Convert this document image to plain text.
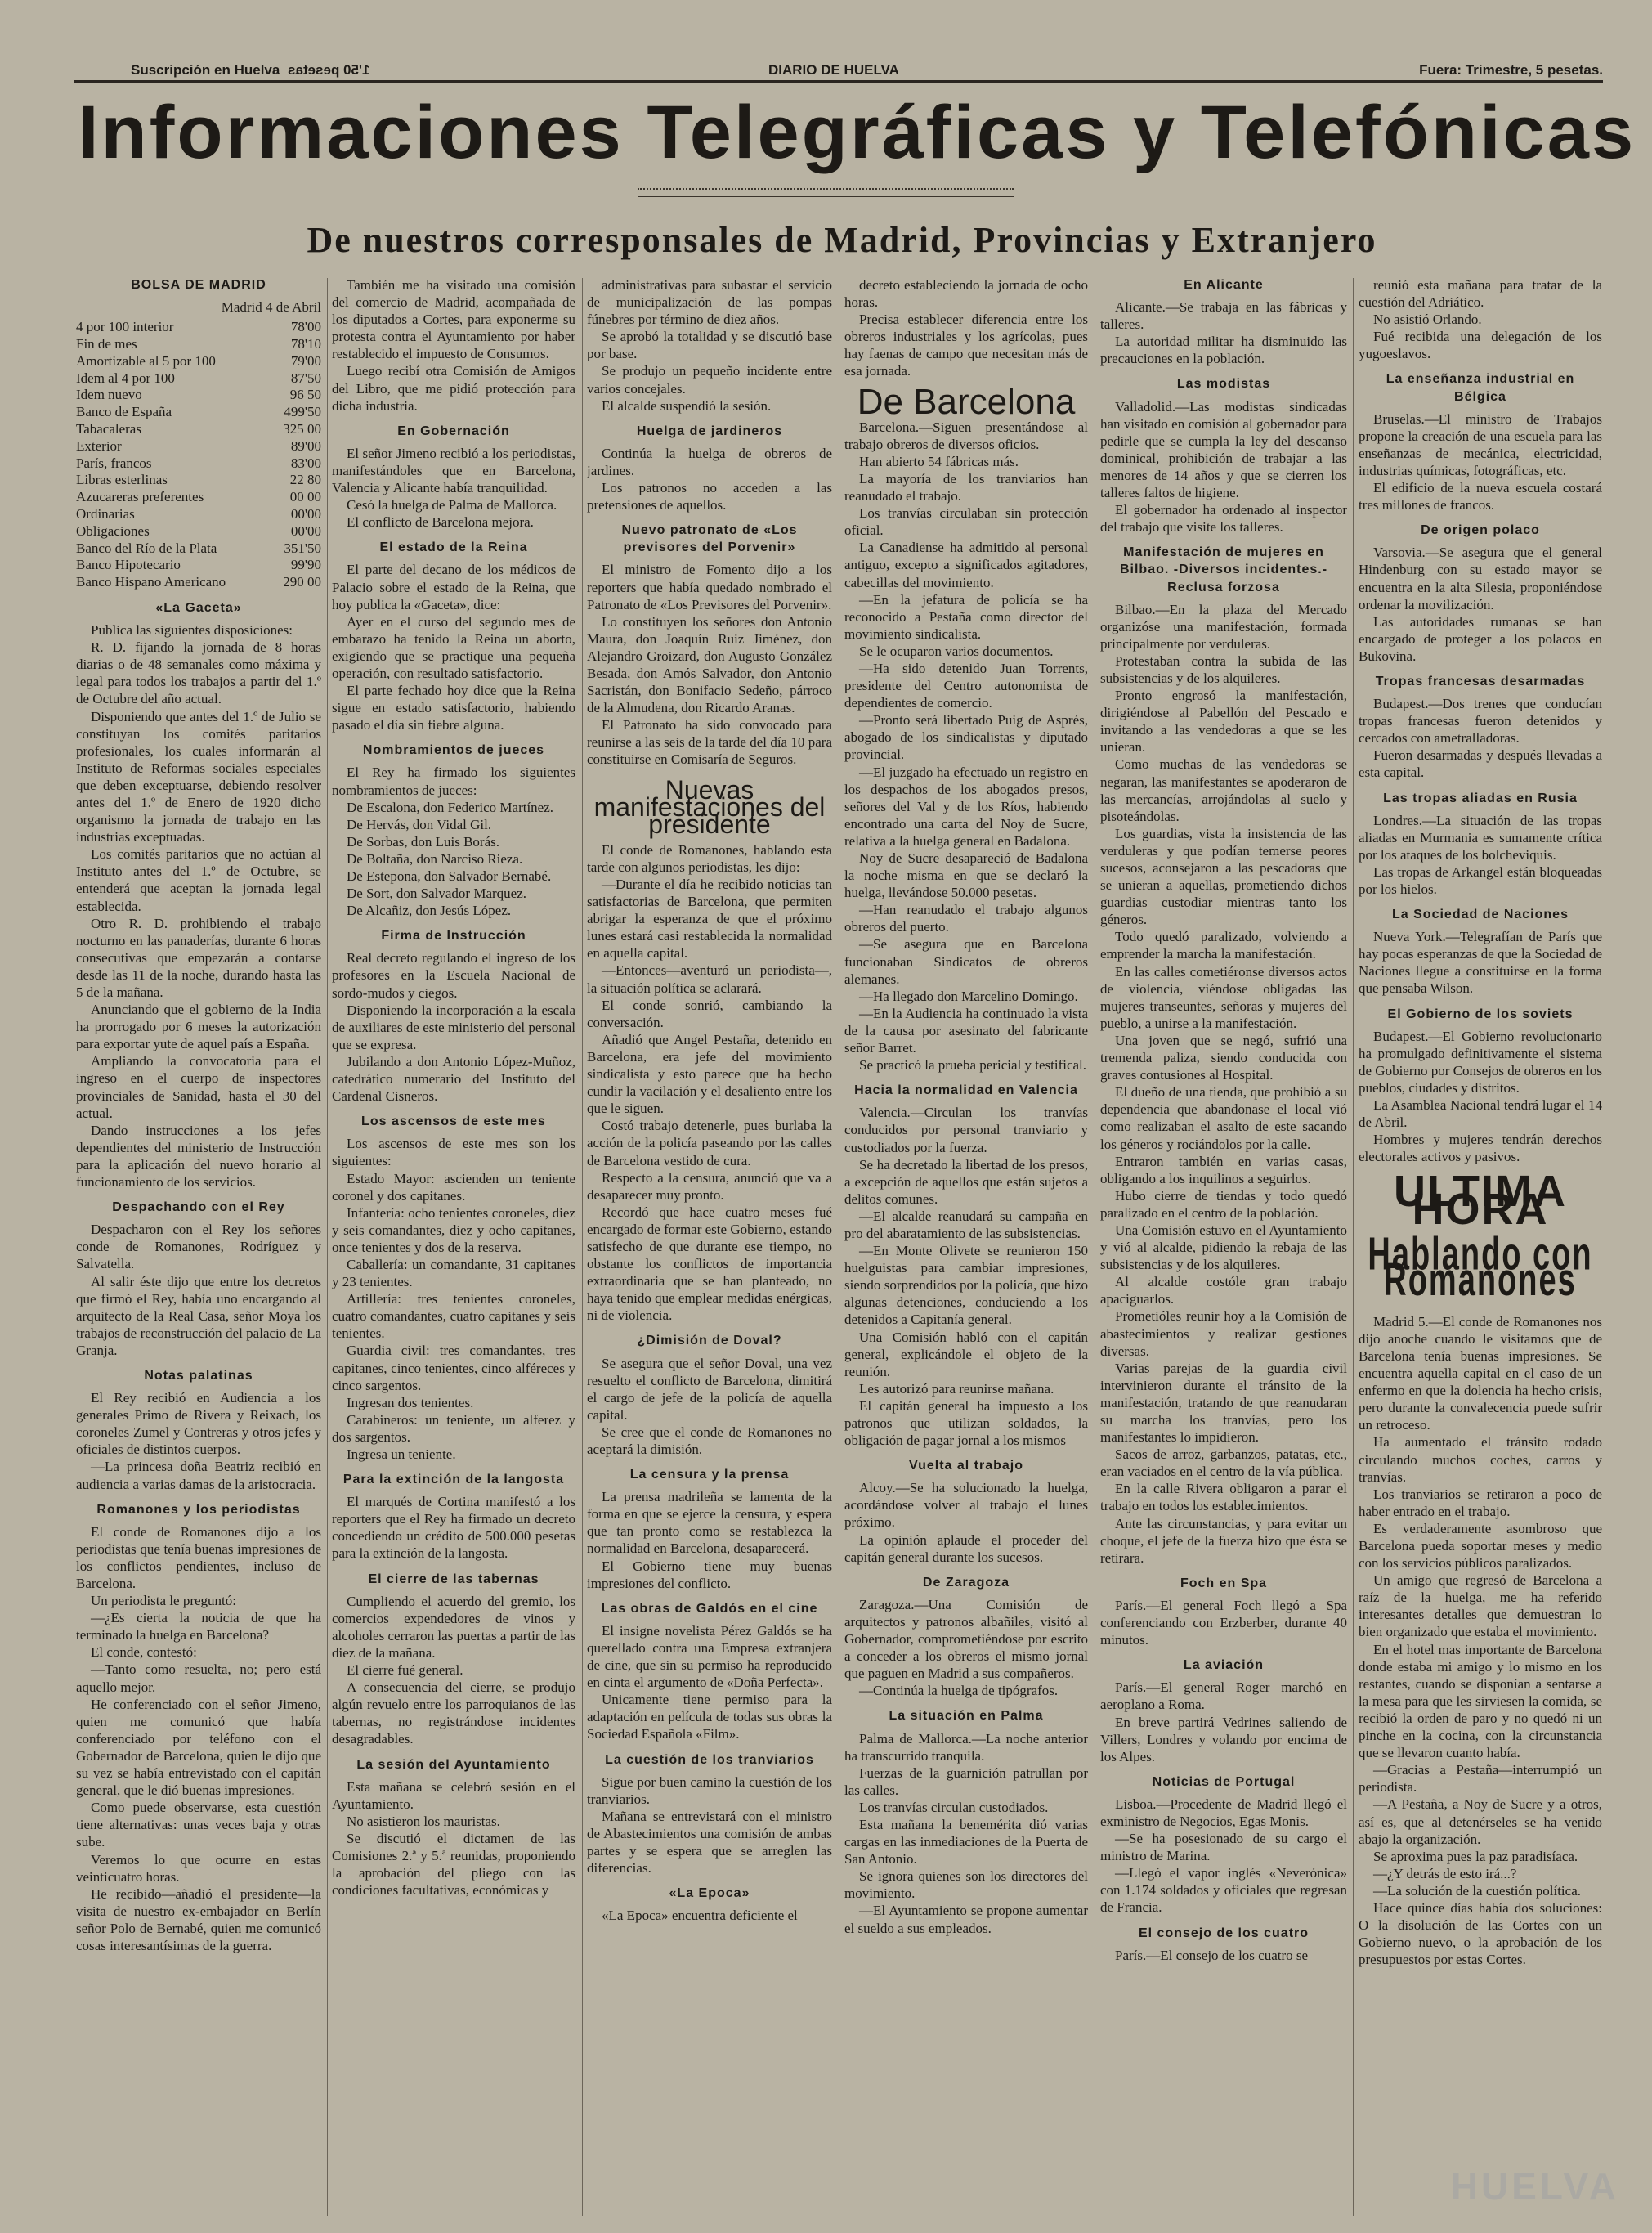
Suscripción en Huelva 1'50 pesetas	DIARIO DE HUELVA	Fuera: Trimestre, 5 pesetas.
Informaciones Telegráficas y Telefónicas
De nuestros corresponsales de Madrid, Provincias y Extranjero
BOLSA DE MADRID
Madrid 4 de Abril
4 por 100 interior	78'00
Fin de mes	78'10
Amortizable al 5 por 100	79'00
Idem al 4 por 100	87'50
Idem nuevo	96 50
Banco de España	499'50
Tabacaleras	325 00
Exterior	89'00
París, francos	83'00
Libras esterlinas	22 80
Azucareras preferentes	00 00
Ordinarias	00'00
Obligaciones	00'00
Banco del Río de la Plata	351'50
Banco Hipotecario	99'90
Banco Hispano Americano	290 00
«La Gaceta»

Publica las siguientes disposiciones:

R. D. fijando la jornada de 8 horas diarias o de 48 semanales como máxima y legal para todos los trabajos a partir del 1.º de Octubre del año actual.

Disponiendo que antes del 1.º de Julio se constituyan los comités paritarios profesionales, los cuales informarán al Instituto de Reformas sociales especiales que deben exceptuarse, debiendo resolver antes del 1.º de Enero de 1920 dicho organismo la jornada de trabajo en las industrias exceptuadas.

Los comités paritarios que no actúan al Instituto antes del 1.º de Octubre, se entenderá que aceptan la jornada legal establecida.

Otro R. D. prohibiendo el trabajo nocturno en las panaderías, durante 6 horas consecutivas que empezarán a contarse desde las 11 de la noche, durando hasta las 5 de la mañana.

Anunciando que el gobierno de la India ha prorrogado por 6 meses la autorización para exportar yute de aquel país a España.

Ampliando la convocatoria para el ingreso en el cuerpo de inspectores provinciales de Sanidad, hasta el 30 del actual.

Dando instrucciones a los jefes dependientes del ministerio de Instrucción para la aplicación del nuevo horario al funcionamiento de los servicios.

Despachando con el Rey

Despacharon con el Rey los señores conde de Romanones, Rodríguez y Salvatella.

Al salir éste dijo que entre los decretos que firmó el Rey, había uno encargando al arquitecto de la Real Casa, señor Moya los trabajos de reconstrucción del palacio de La Granja.

Notas palatinas

El Rey recibió en Audiencia a los generales Primo de Rivera y Reixach, los coroneles Zumel y Contreras y otros jefes y oficiales de distintos cuerpos.

—La princesa doña Beatriz recibió en audiencia a varias damas de la aristocracia.

Romanones y los periodistas

El conde de Romanones dijo a los periodistas que tenía buenas impresiones de los conflictos pendientes, incluso de Barcelona.

Un periodista le preguntó:

—¿Es cierta la noticia de que ha terminado la huelga en Barcelona?

El conde, contestó:

—Tanto como resuelta, no; pero está aquello mejor.

He conferenciado con el señor Jimeno, quien me comunicó que había conferenciado por teléfono con el Gobernador de Barcelona, quien le dijo que su vez se había entrevistado con el capitán general, que le dió buenas impresiones.

Como puede observarse, esta cuestión tiene alternativas: unas veces baja y otras sube.

Veremos lo que ocurre en estas veinticuatro horas.

He recibido—añadió el presidente—la visita de nuestro ex-embajador en Berlín señor Polo de Bernabé, quien me comunicó cosas interesantísimas de la guerra.

También me ha visitado una comisión del comercio de Madrid, acompañada de los diputados a Cortes, para exponerme su protesta contra el Ayuntamiento por haber restablecido el impuesto de Consumos.

Luego recibí otra Comisión de Amigos del Libro, que me pidió protección para dicha industria.

En Gobernación

El señor Jimeno recibió a los periodistas, manifestándoles que en Barcelona, Valencia y Alicante había tranquilidad.

Cesó la huelga de Palma de Mallorca.

El conflicto de Barcelona mejora.

El estado de la Reina

El parte del decano de los médicos de Palacio sobre el estado de la Reina, que hoy publica la «Gaceta», dice:

Ayer en el curso del segundo mes de embarazo ha tenido la Reina un aborto, exigiendo que se practique una pequeña operación, con resultado satisfactorio.

El parte fechado hoy dice que la Reina sigue en estado satisfactorio, habiendo pasado el día sin fiebre alguna.

Nombramientos de jueces

El Rey ha firmado los siguientes nombramientos de jueces:

De Escalona, don Federico Martínez.

De Hervás, don Vidal Gil.

De Sorbas, don Luis Borás.

De Boltaña, don Narciso Rieza.

De Estepona, don Salvador Bernabé.

De Sort, don Salvador Marquez.

De Alcañiz, don Jesús López.

Firma de Instrucción

Real decreto regulando el ingreso de los profesores en la Escuela Nacional de sordo-mudos y ciegos.

Disponiendo la incorporación a la escala de auxiliares de este ministerio del personal que se expresa.

Jubilando a don Antonio López-Muñoz, catedrático numerario del Instituto del Cardenal Cisneros.

Los ascensos de este mes

Los ascensos de este mes son los siguientes:

Estado Mayor: ascienden un teniente coronel y dos capitanes.

Infantería: ocho tenientes coroneles, diez y seis comandantes, diez y ocho capitanes, once tenientes y dos de la reserva.

Caballería: un comandante, 31 capitanes y 23 tenientes.

Artillería: tres tenientes coroneles, cuatro comandantes, cuatro capitanes y seis tenientes.

Guardia civil: tres comandantes, tres capitanes, cinco tenientes, cinco alféreces y cinco sargentos.

Ingresan dos tenientes.

Carabineros: un teniente, un alferez y dos sargentos.

Ingresa un teniente.

Para la extinción de la langosta

El marqués de Cortina manifestó a los reporters que el Rey ha firmado un decreto concediendo un crédito de 500.000 pesetas para la extinción de la langosta.

El cierre de las tabernas

Cumpliendo el acuerdo del gremio, los comercios expendedores de vinos y alcoholes cerraron las puertas a partir de las diez de la mañana.

El cierre fué general.

A consecuencia del cierre, se produjo algún revuelo entre los parroquianos de las tabernas, no registrándose incidentes desagradables.

La sesión del Ayuntamiento

Esta mañana se celebró sesión en el Ayuntamiento.

No asistieron los mauristas.

Se discutió el dictamen de las Comisiones 2.ª y 5.ª reunidas, proponiendo la aprobación del pliego con las condiciones facultativas, económicas y

administrativas para subastar el servicio de municipalización de las pompas fúnebres por término de diez años.

Se aprobó la totalidad y se discutió base por base.

Se produjo un pequeño incidente entre varios concejales.

El alcalde suspendió la sesión.

Huelga de jardineros

Continúa la huelga de obreros de jardines.

Los patronos no acceden a las pretensiones de aquellos.

Nuevo patronato de «Los previsores del Porvenir»

El ministro de Fomento dijo a los reporters que había quedado nombrado el Patronato de «Los Previsores del Porvenir».

Lo constituyen los señores don Antonio Maura, don Joaquín Ruiz Jiménez, don Alejandro Groizard, don Augusto González Besada, don Amós Salvador, don Antonio Sacristán, don Bonifacio Sedeño, párroco de la Almudena, don Ricardo Aranas.

El Patronato ha sido convocado para reunirse a las seis de la tarde del día 10 para constituirse en Comisaría de Seguros.

Nuevas manifestaciones del presidente

El conde de Romanones, hablando esta tarde con algunos periodistas, les dijo:

—Durante el día he recibido noticias tan satisfactorias de Barcelona, que permiten abrigar la esperanza de que el próximo lunes estará casi restablecida la normalidad en aquella capital.

—Entonces—aventuró un periodista—, la situación política se aclarará.

El conde sonrió, cambiando la conversación.

Añadió que Angel Pestaña, detenido en Barcelona, era jefe del movimiento sindicalista y esto parece que ha hecho cundir la vacilación y el desaliento entre los que le siguen.

Costó trabajo detenerle, pues burlaba la acción de la policía paseando por las calles de Barcelona vestido de cura.

Respecto a la censura, anunció que va a desaparecer muy pronto.

Recordó que hace cuatro meses fué encargado de formar este Gobierno, estando satisfecho de que durante ese tiempo, no obstante los conflictos de importancia extraordinaria que se han planteado, no haya tenido que emplear medidas enérgicas, ni de violencia.

¿Dimisión de Doval?

Se asegura que el señor Doval, una vez resuelto el conflicto de Barcelona, dimitirá el cargo de jefe de la policía de aquella capital.

Se cree que el conde de Romanones no aceptará la dimisión.

La censura y la prensa

La prensa madrileña se lamenta de la forma en que se ejerce la censura, y espera que tan pronto como se restablezca la normalidad en Barcelona, desaparecerá.

El Gobierno tiene muy buenas impresiones del conflicto.

Las obras de Galdós en el cine

El insigne novelista Pérez Galdós se ha querellado contra una Empresa extranjera de cine, que sin su permiso ha reproducido en cinta el argumento de «Doña Perfecta».

Unicamente tiene permiso para la adaptación en película de todas sus obras la Sociedad Española «Film».

La cuestión de los tranviarios

Sigue por buen camino la cuestión de los tranviarios.

Mañana se entrevistará con el ministro de Abastecimientos una comisión de ambas partes y se espera que se arreglen las diferencias.

«La Epoca»

«La Epoca» encuentra deficiente el

decreto estableciendo la jornada de ocho horas.

Precisa establecer diferencia entre los obreros industriales y los agrícolas, pues hay faenas de campo que necesitan más de esa jornada.

De Barcelona

Barcelona.—Siguen presentándose al trabajo obreros de diversos oficios.

Han abierto 54 fábricas más.

La mayoría de los tranviarios han reanudado el trabajo.

Los tranvías circulaban sin protección oficial.

La Canadiense ha admitido al personal antiguo, excepto a significados agitadores, cabecillas del movimiento.

—En la jefatura de policía se ha reconocido a Pestaña como director del movimiento sindicalista.

Se le ocuparon varios documentos.

—Ha sido detenido Juan Torrents, presidente del Centro autonomista de dependientes de comercio.

—Pronto será libertado Puig de Asprés, abogado de los sindicalistas y diputado provincial.

—El juzgado ha efectuado un registro en los despachos de los abogados presos, señores del Val y de los Ríos, habiendo encontrado una carta del Noy de Sucre, relativa a la huelga general en Badalona.

Noy de Sucre desapareció de Badalona la noche misma en que se declaró la huelga, llevándose 50.000 pesetas.

—Han reanudado el trabajo algunos obreros del puerto.

—Se asegura que en Barcelona funcionaban Sindicatos de obreros alemanes.

—Ha llegado don Marcelino Domingo.

—En la Audiencia ha continuado la vista de la causa por asesinato del fabricante señor Barret.

Se practicó la prueba pericial y testifical.

Hacia la normalidad en Valencia

Valencia.—Circulan los tranvías conducidos por personal tranviario y custodiados por la fuerza.

Se ha decretado la libertad de los presos, a excepción de aquellos que están sujetos a delitos comunes.

—El alcalde reanudará su campaña en pro del abaratamiento de las subsistencias.

—En Monte Olivete se reunieron 150 huelguistas para cambiar impresiones, siendo sorprendidos por la policía, que hizo algunas detenciones, conduciendo a los detenidos a Capitanía general.

Una Comisión habló con el capitán general, explicándole el objeto de la reunión.

Les autorizó para reunirse mañana.

El capitán general ha impuesto a los patronos que utilizan soldados, la obligación de pagar jornal a los mismos

Vuelta al trabajo

Alcoy.—Se ha solucionado la huelga, acordándose volver al trabajo el lunes próximo.

La opinión aplaude el proceder del capitán general durante los sucesos.

De Zaragoza

Zaragoza.—Una Comisión de arquitectos y patronos albañiles, visitó al Gobernador, comprometiéndose por escrito a conceder a los obreros el mismo jornal que paguen en Madrid a sus compañeros.

—Continúa la huelga de tipógrafos.

La situación en Palma

Palma de Mallorca.—La noche anterior ha transcurrido tranquila.

Fuerzas de la guarnición patrullan por las calles.

Los tranvías circulan custodiados.

Esta mañana la benemérita dió varias cargas en las inmediaciones de la Puerta de San Antonio.

Se ignora quienes son los directores del movimiento.

—El Ayuntamiento se propone aumentar el sueldo a sus empleados.

En Alicante

Alicante.—Se trabaja en las fábricas y talleres.

La autoridad militar ha disminuido las precauciones en la población.

Las modistas

Valladolid.—Las modistas sindicadas han visitado en comisión al gobernador para pedirle que se cumpla la ley del descanso dominical, prohibición de trabajar a las menores de 14 años y que se cierren los talleres faltos de higiene.

El gobernador ha ordenado al inspector del trabajo que visite los talleres.

Manifestación de mujeres en Bilbao. -Diversos incidentes.- Reclusa forzosa

Bilbao.—En la plaza del Mercado organizóse una manifestación, formada principalmente por verduleras.

Protestaban contra la subida de las subsistencias y de los alquileres.

Pronto engrosó la manifestación, dirigiéndose al Pabellón del Pescado e invitando a las vendedoras a que se les unieran.

Como muchas de las vendedoras se negaran, las manifestantes se apoderaron de las mercancías, arrojándolas al suelo y pisoteándolas.

Los guardias, vista la insistencia de las verduleras y que podían temerse peores sucesos, aconsejaron a las pescadoras que se unieran a aquellas, prometiendo dichos guardias custodiar mientras tanto los géneros.

Todo quedó paralizado, volviendo a emprender la marcha la manifestación.

En las calles cometiéronse diversos actos de violencia, viéndose obligadas las mujeres transeuntes, señoras y mujeres del pueblo, a unirse a la manifestación.

Una joven que se negó, sufrió una tremenda paliza, siendo conducida con graves contusiones al Hospital.

El dueño de una tienda, que prohibió a su dependencia que abandonase el local vió como realizaban el asalto de este sacando los géneros y rociándolos por la calle.

Entraron también en varias casas, obligando a los inquilinos a seguirlos.

Hubo cierre de tiendas y todo quedó paralizado en el centro de la población.

Una Comisión estuvo en el Ayuntamiento y vió al alcalde, pidiendo la rebaja de las subsistencias y de los alquileres.

Al alcalde costóle gran trabajo apaciguarlos.

Prometióles reunir hoy a la Comisión de abastecimientos y realizar gestiones diversas.

Varias parejas de la guardia civil intervinieron durante el tránsito de la manifestación, tratando de que reanudaran su marcha los tranvías, pero los manifestantes lo impidieron.

Sacos de arroz, garbanzos, patatas, etc., eran vaciados en el centro de la vía pública.

En la calle Rivera obligaron a parar el trabajo en todos los establecimientos.

Ante las circunstancias, y para evitar un choque, el jefe de la fuerza hizo que ésta se retirara.

Foch en Spa

París.—El general Foch llegó a Spa conferenciando con Erzberber, durante 40 minutos.

La aviación

París.—El general Roger marchó en aeroplano a Roma.

En breve partirá Vedrines saliendo de Villers, Londres y volando por encima de los Alpes.

Noticias de Portugal

Lisboa.—Procedente de Madrid llegó el exministro de Negocios, Egas Monis.

—Se ha posesionado de su cargo el ministro de Marina.

—Llegó el vapor inglés «Neverónica» con 1.174 soldados y oficiales que regresan de Francia.

El consejo de los cuatro

París.—El consejo de los cuatro se

reunió esta mañana para tratar de la cuestión del Adriático.

No asistió Orlando.

Fué recibida una delegación de los yugoeslavos.

La enseñanza industrial en Bélgica

Bruselas.—El ministro de Trabajos propone la creación de una escuela para las enseñanzas de mecánica, electricidad, industrias químicas, fotográficas, etc.

El edificio de la nueva escuela costará tres millones de francos.

De origen polaco

Varsovia.—Se asegura que el general Hindenburg con su estado mayor se encuentra en la alta Silesia, proponiéndose ordenar la movilización.

Las autoridades rumanas se han encargado de proteger a los polacos en Bukovina.

Tropas francesas desarmadas

Budapest.—Dos trenes que conducían tropas francesas fueron detenidos y cercados con ametralladoras.

Fueron desarmadas y después llevadas a esta capital.

Las tropas aliadas en Rusia

Londres.—La situación de las tropas aliadas en Murmania es sumamente crítica por los ataques de los bolcheviquis.

Las tropas de Arkangel están bloqueadas por los hielos.

La Sociedad de Naciones

Nueva York.—Telegrafían de París que hay pocas esperanzas de que la Sociedad de Naciones llegue a constituirse en la forma que pensaba Wilson.

El Gobierno de los soviets

Budapest.—El Gobierno revolucionario ha promulgado definitivamente el sistema de Gobierno por Consejos de obreros en los pueblos, ciudades y distritos.

La Asamblea Nacional tendrá lugar el 14 de Abril.

Hombres y mujeres tendrán derechos electorales activos y pasivos.

ULTIMA HORA
Hablando con Romanones

Madrid 5.—El conde de Romanones nos dijo anoche cuando le visitamos que de Barcelona tenía buenas impresiones. Se encuentra aquella capital en el caso de un enfermo en que la dolencia ha hecho crisis, pero durante la convalecencia puede sufrir un retroceso.

Ha aumentado el tránsito rodado circulando muchos coches, carros y tranvías.

Los tranviarios se retiraron a poco de haber entrado en el trabajo.

Es verdaderamente asombroso que Barcelona pueda soportar meses y medio con los servicios públicos paralizados.

Un amigo que regresó de Barcelona a raíz de la huelga, me ha referido interesantes detalles que demuestran lo bien organizado que estaba el movimiento.

En el hotel mas importante de Barcelona donde estaba mi amigo y lo mismo en los restantes, cuando se disponían a sentarse a la mesa para que les sirviesen la comida, se recibió la orden de paro y no quedó ni un pinche en la cocina, con la circunstancia que se llevaron cuanto había.

—Gracias a Pestaña—interrumpió un periodista.

—A Pestaña, a Noy de Sucre y a otros, así es, que al detenérseles se ha venido abajo la organización.

Se aproxima pues la paz paradisíaca.

—¿Y detrás de esto irá...?

—La solución de la cuestión política.

Hace quince días había dos soluciones: O la disolución de las Cortes con un Gobierno nuevo, o la aprobación de los presupuestos por estas Cortes.

HUELVA
